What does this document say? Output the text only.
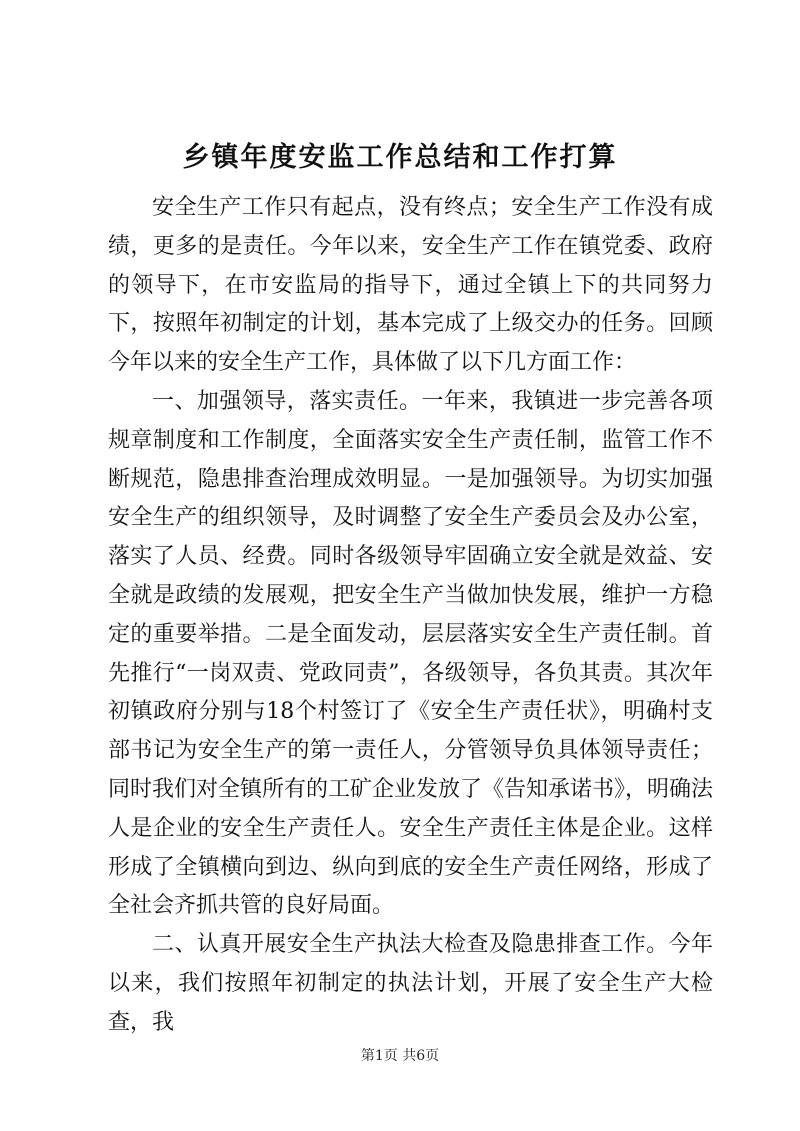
乡镇年度安监工作总结和工作打算

安全生产工作只有起点，没有终点；安全生产工作没有成绩，更多的是责任。今年以来，安全生产工作在镇党委、政府的领导下，在市安监局的指导下，通过全镇上下的共同努力下，按照年初制定的计划，基本完成了上级交办的任务。回顾今年以来的安全生产工作，具体做了以下几方面工作：

一、加强领导，落实责任。一年来，我镇进一步完善各项规章制度和工作制度，全面落实安全生产责任制，监管工作不断规范，隐患排查治理成效明显。一是加强领导。为切实加强安全生产的组织领导，及时调整了安全生产委员会及办公室，落实了人员、经费。同时各级领导牢固确立安全就是效益、安全就是政绩的发展观，把安全生产当做加快发展，维护一方稳定的重要举措。二是全面发动，层层落实安全生产责任制。首先推行“一岗双责、党政同责”，各级领导，各负其责。其次年初镇政府分别与18个村签订了《安全生产责任状》，明确村支部书记为安全生产的第一责任人，分管领导负具体领导责任；同时我们对全镇所有的工矿企业发放了《告知承诺书》，明确法人是企业的安全生产责任人。安全生产责任主体是企业。这样形成了全镇横向到边、纵向到底的安全生产责任网络，形成了全社会齐抓共管的良好局面。

二、认真开展安全生产执法大检查及隐患排查工作。今年以来，我们按照年初制定的执法计划，开展了安全生产大检查，我

第1页 共6页
